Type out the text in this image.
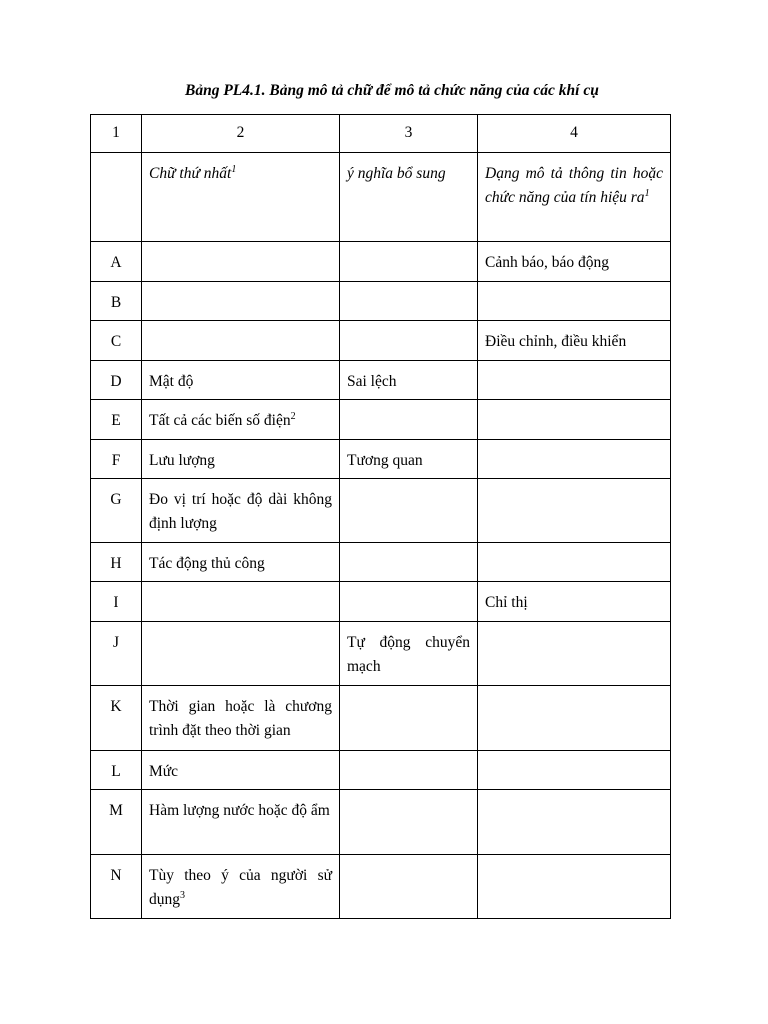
Bảng PL4.1. Bảng mô tả chữ để mô tả chức năng của các khí cụ
1	2	3	4
	Chữ thứ nhất$^1$	ý nghĩa bổ sung	Dạng mô tả thông tin hoặc chức năng của tín hiệu $ra^1$
A			Cảnh báo, báo động
B			
C			Điều chỉnh, điều khiển
D	Mật độ	Sai lệch	
E	Tất cả các biến số điện$^2$		
F	Lưu lượng	Tương quan	
G	Đo vị trí hoặc độ dài không định lượng		
H	Tác động thủ công		
I			Chỉ thị
J		Tự động chuyển mạch	
K	Thời gian hoặc là chương trình đặt theo thời gian		
L	Mức		
M	Hàm lượng nước hoặc độ ẩm		
N	Tùy theo ý của người sử dụng$^3$		
